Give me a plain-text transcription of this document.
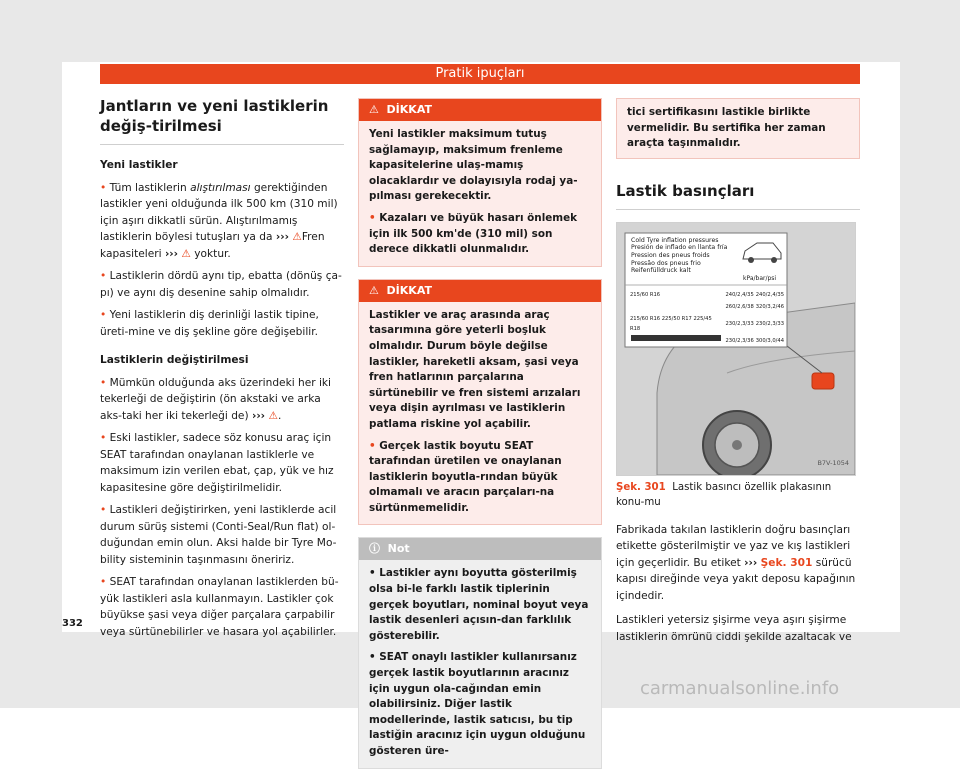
Pratik ipuçları
Jantların ve yeni lastiklerin değiş-tirilmesi
Yeni lastikler
• Tüm lastiklerin alıştırılması gerektiğinden lastikler yeni olduğunda ilk 500 km (310 mil) için aşırı dikkatli sürün. Alıştırılmamış lastiklerin böylesi tutuşları ya da ››› ⚠Fren kapasiteleri ››› ⚠ yoktur.
• Lastiklerin dördü aynı tip, ebatta (dönüş ça-pı) ve aynı diş desenine sahip olmalıdır.
• Yeni lastiklerin diş derinliği lastik tipine, üreti-mine ve diş şekline göre değişebilir.
Lastiklerin değiştirilmesi
• Mümkün olduğunda aks üzerindeki her iki tekerleği de değiştirin (ön akstaki ve arka aks-taki her iki tekerleği de) ››› ⚠.
• Eski lastikler, sadece söz konusu araç için SEAT tarafından onaylanan lastiklerle ve maksimum izin verilen ebat, çap, yük ve hız kapasitesine göre değiştirilmelidir.
• Lastikleri değiştirirken, yeni lastiklerde acil durum sürüş sistemi (Conti-Seal/Run flat) ol-duğundan emin olun. Aksi halde bir Tyre Mo-bility sisteminin taşınmasını öneririz.
• SEAT tarafından onaylanan lastiklerden bü-yük lastikleri asla kullanmayın. Lastikler çok büyükse şasi veya diğer parçalara çarpabilir veya sürtünebilirler ve hasara yol açabilirler.
⚠ DİKKAT

Yeni lastikler maksimum tutuş sağlamayıp, maksimum frenleme kapasitelerine ulaş-mamış olacaklardır ve dolayısıyla rodaj ya-pılması gerekecektir.

• Kazaları ve büyük hasarı önlemek için ilk 500 km'de (310 mil) son derece dikkatli olunmalıdır.

⚠ DİKKAT

Lastikler ve araç arasında araç tasarımına göre yeterli boşluk olmalıdır. Durum böyle değilse lastikler, hareketli aksam, şasi veya fren hatlarının parçalarına sürtünebilir ve fren sistemi arızaları veya dişin ayrılması ve lastiklerin patlama riskine yol açabilir.

• Gerçek lastik boyutu SEAT tarafından üretilen ve onaylanan lastiklerin boyutla-rından büyük olmamalı ve aracın parçaları-na sürtünmemelidir.

ⓘ Not

• Lastikler aynı boyutta gösterilmiş olsa bi-le farklı lastik tiplerinin gerçek boyutları, nominal boyut veya lastik desenleri açısın-dan farklılık gösterebilir.

• SEAT onaylı lastikler kullanırsanız gerçek lastik boyutlarının aracınız için uygun ola-cağından emin olabilirsiniz. Diğer lastik modellerinde, lastik satıcısı, bu tip lastiğin aracınız için uygun olduğunu gösteren üre-

tici sertifikasını lastikle birlikte vermelidir. Bu sertifika her zaman araçta taşınmalıdır.
Lastik basınçları
Cold Tyre inflation pressures
Presión de inflado en llanta fría
Pression des pneus froids
Pressão dos pneus frio
Reifenfülldruck kalt
kPa/bar/psi
215/60 R16	240/2,4/35	240/2,4/35
	260/2,6/38	320/3,2/46
215/60 R16 225/50 R17 225/45 R18	230/2,3/33	230/2,3/33
	230/2,3/36	300/3,0/44
B7V-1054
Şek. 301 Lastik basıncı özellik plakasının konu-mu

Fabrikada takılan lastiklerin doğru basınçları etikette gösterilmiştir ve yaz ve kış lastikleri için geçerlidir. Bu etiket ››› Şek. 301 sürücü kapısı direğinde veya yakıt deposu kapağının içindedir.

Lastikleri yetersiz şişirme veya aşırı şişirme lastiklerin ömrünü ciddi şekilde azaltacak ve

332
carmanualsonline.info
